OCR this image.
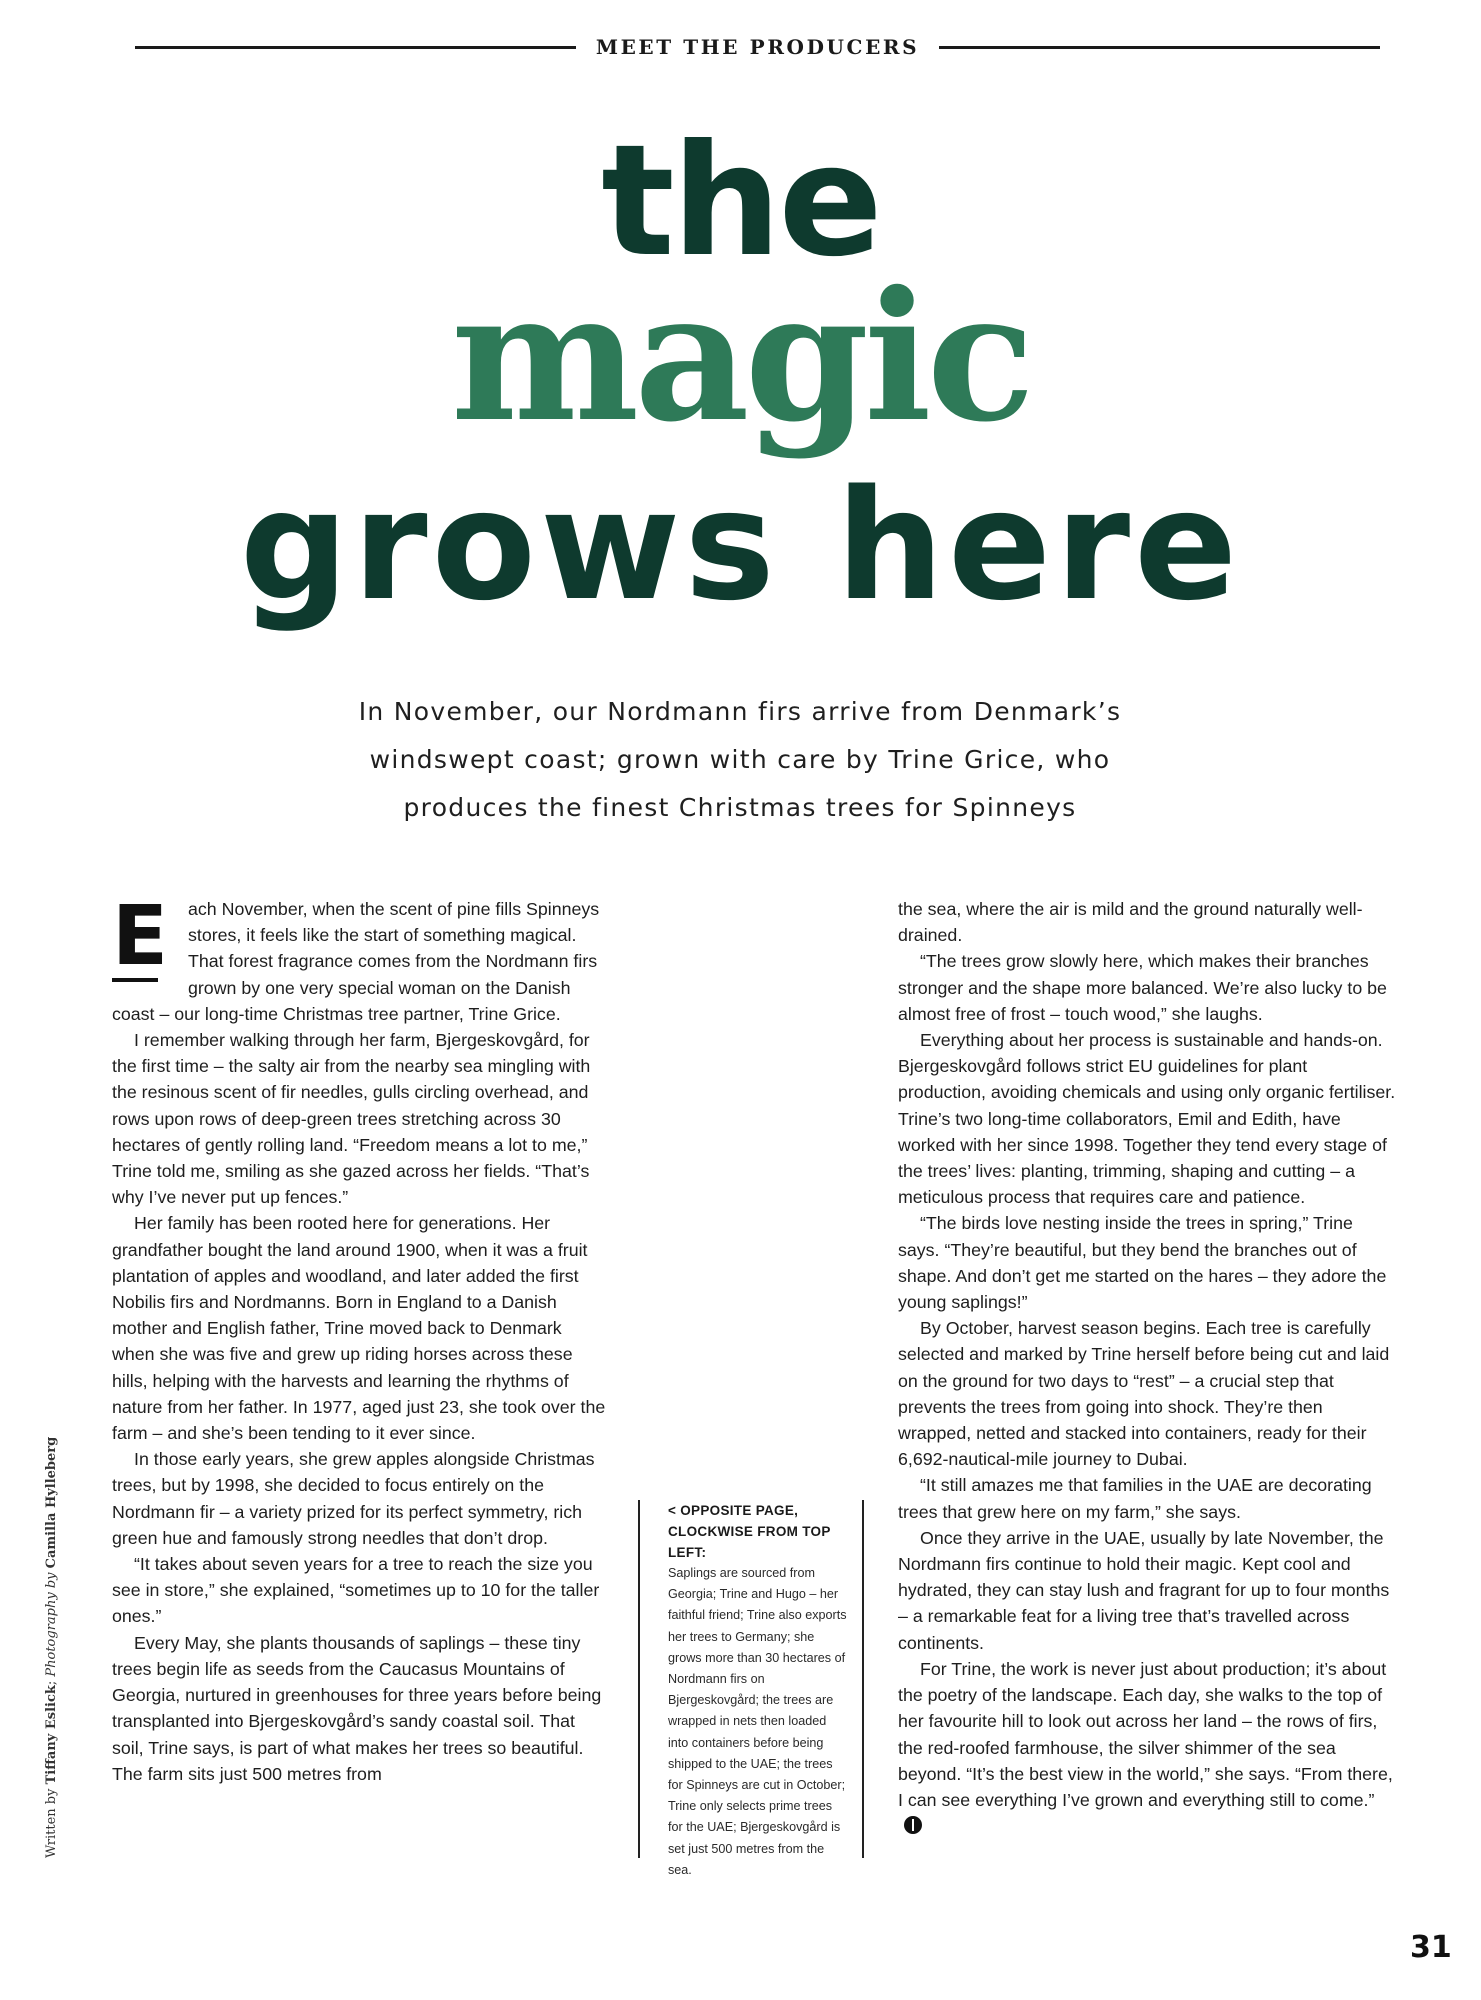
MEET THE PRODUCERS
the
magic
grows here

In November, our Nordmann firs arrive from Denmark’s
windswept coast; grown with care by Trine Grice, who
produces the finest Christmas trees for Spinneys

E	ach November, when the scent of pine fills Spinneys stores, it feels like the start of something magical. That forest fragrance comes from the Nordmann firs grown by one very special woman on the Danish coast – our long-time Christmas tree partner, Trine Grice.

I remember walking through her farm, Bjergeskovgård, for the first time – the salty air from the nearby sea mingling with the resinous scent of fir needles, gulls circling overhead, and rows upon rows of deep-green trees stretching across 30 hectares of gently rolling land. “Freedom means a lot to me,” Trine told me, smiling as she gazed across her fields. “That’s why I’ve never put up fences.”

Her family has been rooted here for generations. Her grandfather bought the land around 1900, when it was a fruit plantation of apples and woodland, and later added the first Nobilis firs and Nordmanns. Born in England to a Danish mother and English father, Trine moved back to Denmark when she was five and grew up riding horses across these hills, helping with the harvests and learning the rhythms of nature from her father. In 1977, aged just 23, she took over the farm – and she’s been tending to it ever since.

In those early years, she grew apples alongside Christmas trees, but by 1998, she decided to focus entirely on the Nordmann fir – a variety prized for its perfect symmetry, rich green hue and famously strong needles that don’t drop.

“It takes about seven years for a tree to reach the size you see in store,” she explained, “sometimes up to 10 for the taller ones.”

Every May, she plants thousands of saplings – these tiny trees begin life as seeds from the Caucasus Mountains of Georgia, nurtured in greenhouses for three years before being transplanted into Bjergeskovgård’s sandy coastal soil. That soil, Trine says, is part of what makes her trees so beautiful. The farm sits just 500 metres from

< OPPOSITE PAGE,
CLOCKWISE FROM TOP LEFT:

Saplings are sourced from Georgia; Trine and Hugo – her faithful friend; Trine also exports her trees to Germany; she grows more than 30 hectares of Nordmann firs on Bjergeskovgård; the trees are wrapped in nets then loaded into containers before being shipped to the UAE; the trees for Spinneys are cut in October; Trine only selects prime trees for the UAE; Bjergeskovgård is set just 500 metres from the sea.

the sea, where the air is mild and the ground naturally well-drained.

“The trees grow slowly here, which makes their branches stronger and the shape more balanced. We’re also lucky to be almost free of frost – touch wood,” she laughs.

Everything about her process is sustainable and hands-on. Bjergeskovgård follows strict EU guidelines for plant production, avoiding chemicals and using only organic fertiliser. Trine’s two long-time collaborators, Emil and Edith, have worked with her since 1998. Together they tend every stage of the trees’ lives: planting, trimming, shaping and cutting – a meticulous process that requires care and patience.

“The birds love nesting inside the trees in spring,” Trine says. “They’re beautiful, but they bend the branches out of shape. And don’t get me started on the hares – they adore the young saplings!”

By October, harvest season begins. Each tree is carefully selected and marked by Trine herself before being cut and laid on the ground for two days to “rest” – a crucial step that prevents the trees from going into shock. They’re then wrapped, netted and stacked into containers, ready for their 6,692-nautical-mile journey to Dubai.

“It still amazes me that families in the UAE are decorating trees that grew here on my farm,” she says.

Once they arrive in the UAE, usually by late November, the Nordmann firs continue to hold their magic. Kept cool and hydrated, they can stay lush and fragrant for up to four months – a remarkable feat for a living tree that’s travelled across continents.

For Trine, the work is never just about production; it’s about the poetry of the landscape. Each day, she walks to the top of her favourite hill to look out across her land – the rows of firs, the red-roofed farmhouse, the silver shimmer of the sea beyond. “It’s the best view in the world,” she says. “From there, I can see everything I’ve grown and everything still to come.”

Written by Tiffany Eslick; Photography by Camilla Hylleberg
31
